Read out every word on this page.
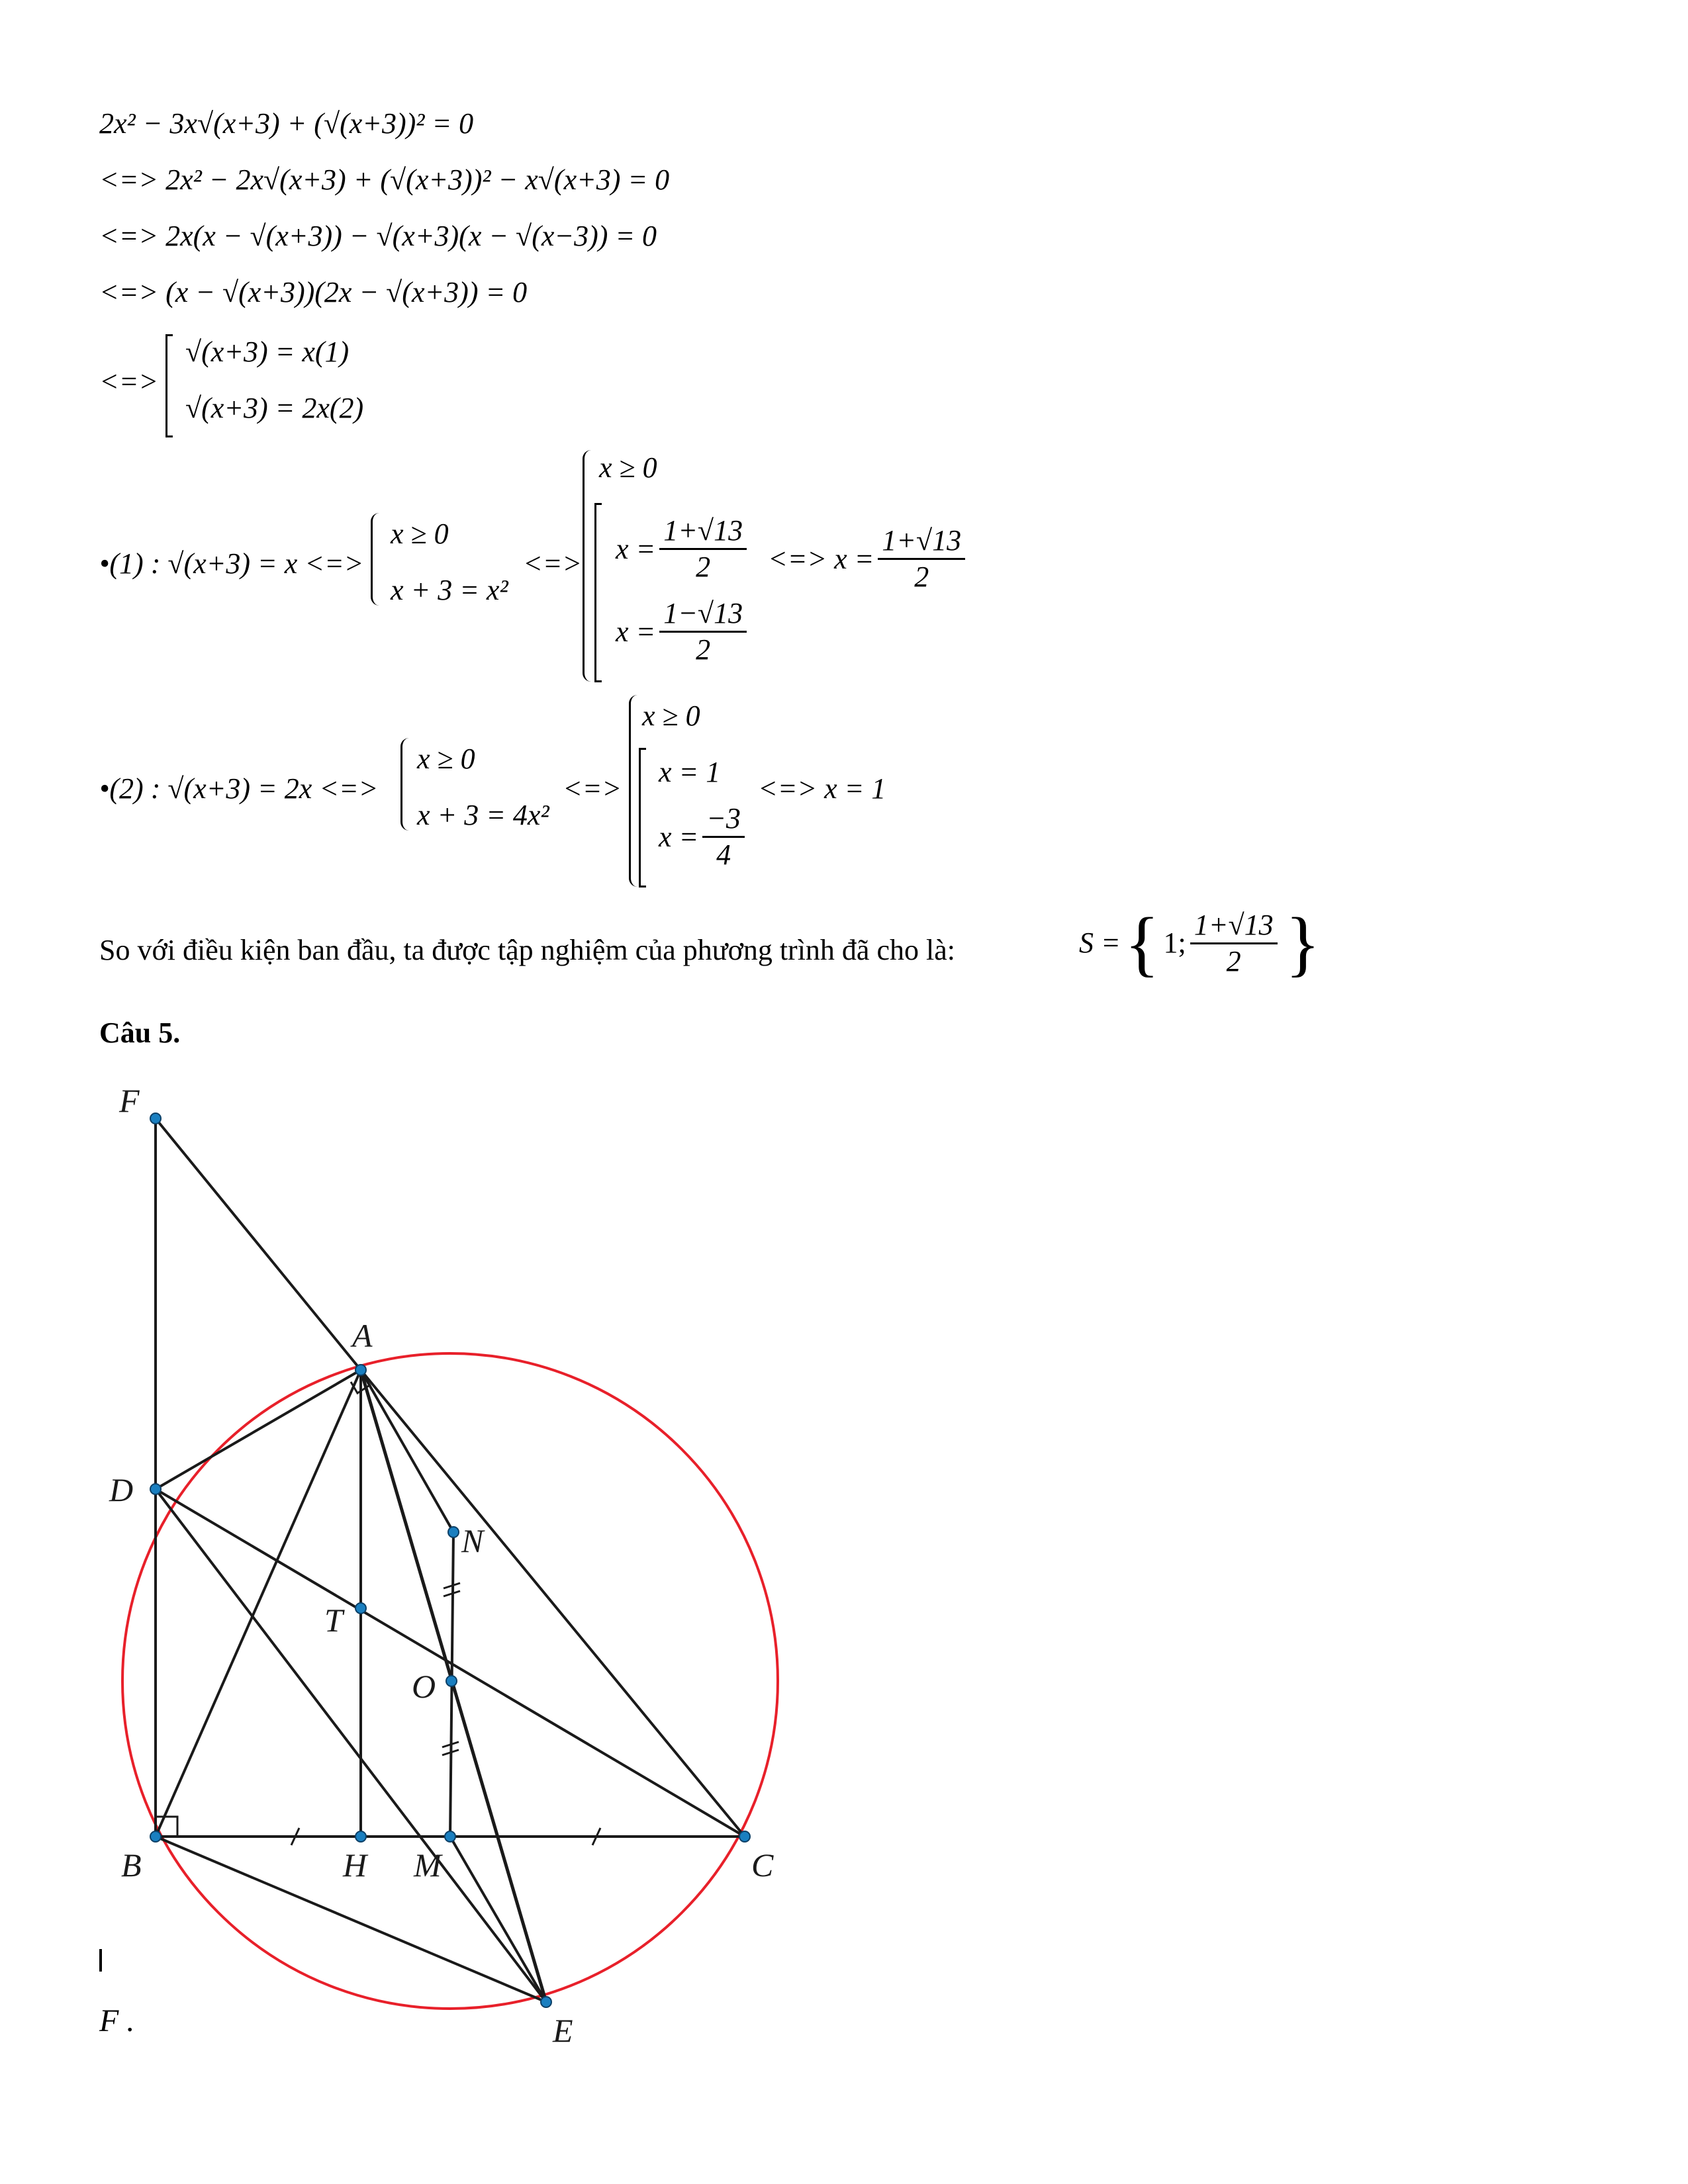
2x² − 3x√(x+3) + (√(x+3))² = 0
<=> 2x² − 2x√(x+3) + (√(x+3))² − x√(x+3) = 0
<=> 2x(x − √(x+3)) − √(x+3)(x − √(x−3)) = 0
<=> (x − √(x+3))(2x − √(x+3)) = 0
<=>
√(x+3) = x(1)
√(x+3) = 2x(2)
•(1) : √(x+3) = x <=>
x ≥ 0
x + 3 = x²
<=>
x ≥ 0
$x = \frac{1+√13}{2}$
$x = \frac{1-√13}{2}$
<=> $x = \frac{1+√13}{2}$
•(2) : √(x+3) = 2x <=>
x ≥ 0
x + 3 = 4x²
<=>
x ≥ 0
x = 1
$x = \frac{-3}{4}$
<=> x = 1
So với điều kiện ban đầu, ta được tập nghiệm của phương trình đã cho là:	S = { 1; $\frac{1+√13}{2}$ }
Câu 5.
F
A
D
N
T
O
B	H M	C
E
F .
